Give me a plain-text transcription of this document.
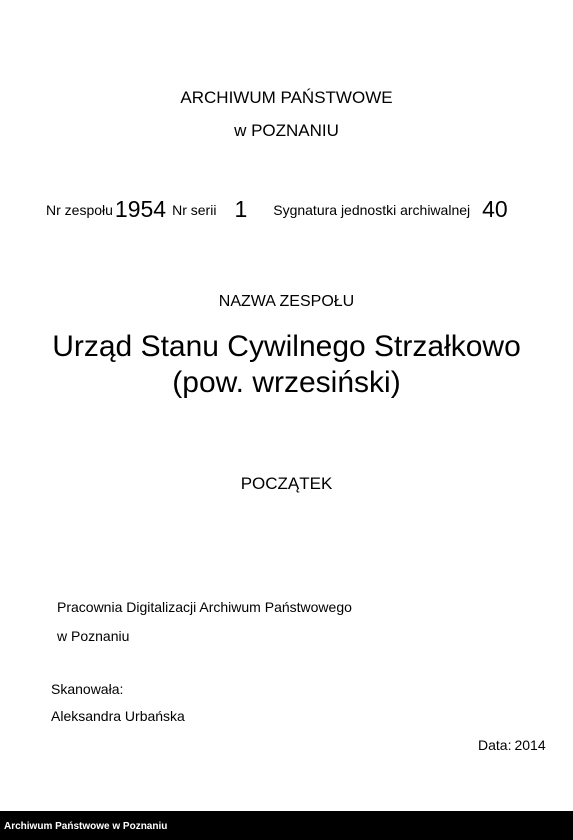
ARCHIWUM PAŃSTWOWE
w POZNANIU
Nr zespołu1954 Nr serii 1 Sygnatura jednostki archiwalnej 40
NAZWA ZESPOŁU
Urząd Stanu Cywilnego Strzałkowo
(pow. wrzesiński)
POCZĄTEK
Pracownia Digitalizacji Archiwum Państwowego
w Poznaniu
Skanowała:
Aleksandra Urbańska
Data: 2014
Archiwum Państwowe w Poznaniu
